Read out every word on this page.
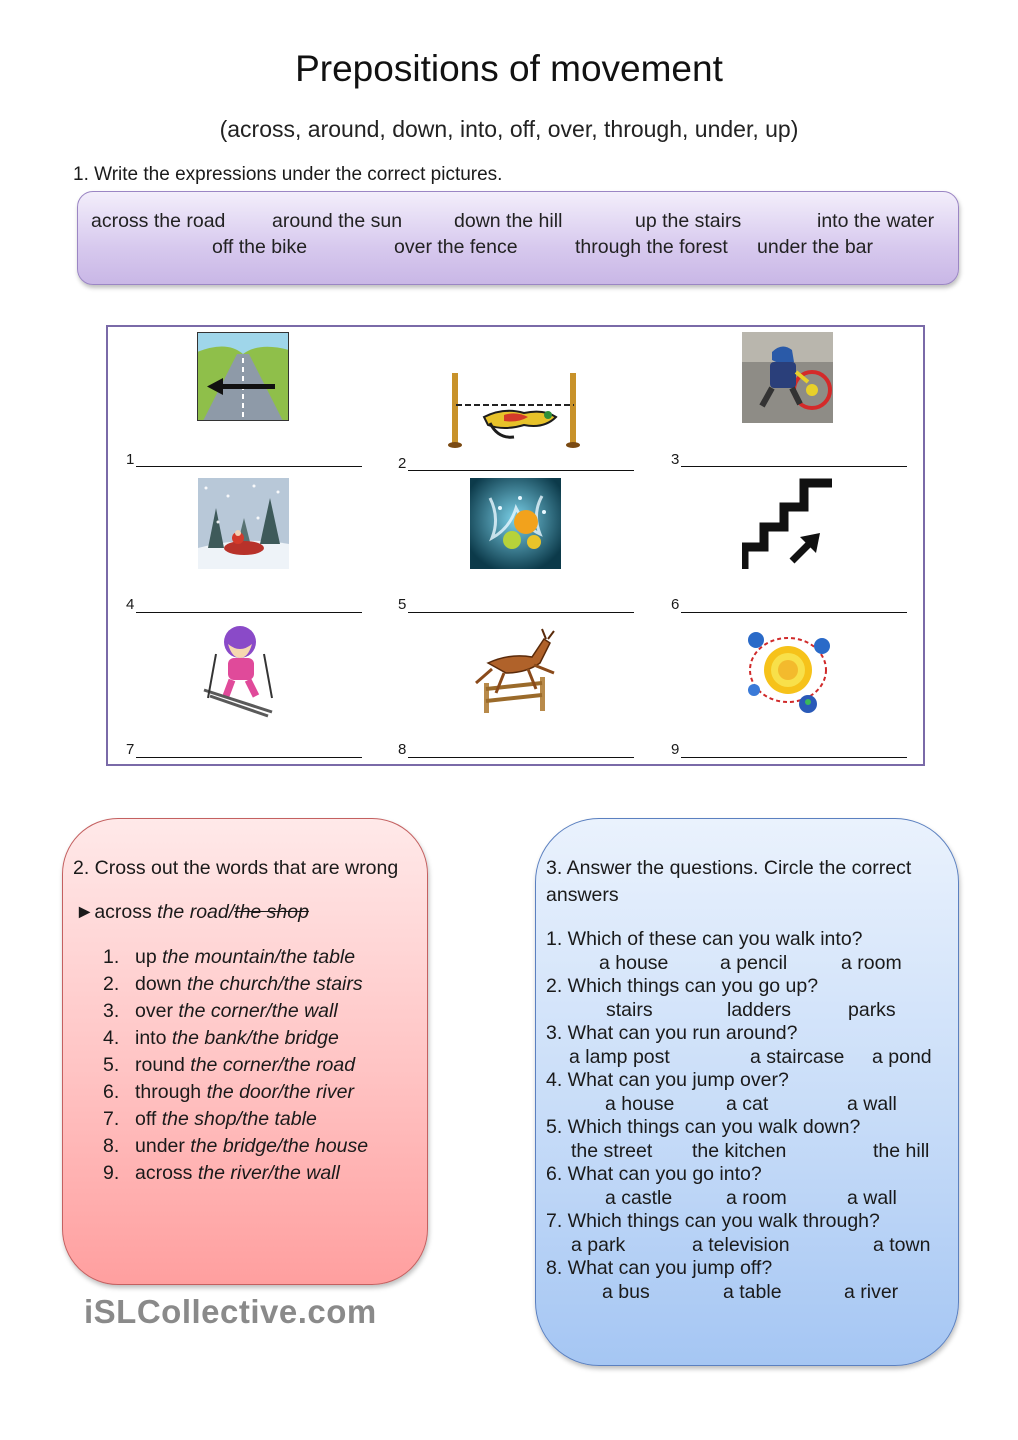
Prepositions of movement
(across, around, down, into, off, over, through, under, up)
1. Write the expressions under the correct pictures.
across the road around the sun	down the hill	up the stairs	into the water
off the bike	over the fence	through the forest under the bar
1	2	3
4	5	6
7	8	9
2. Cross out the words that are wrong
►across the road/the shop
1. up the mountain/the table
2. down the church/the stairs
3. over the corner/the wall
4. into the bank/the bridge
5. round the corner/the road
6. through the door/the river
7. off the shop/the table
8. under the bridge/the house
9. across the river/the wall
iSLCollective.com
3. Answer the questions. Circle the correct
answers
1. Which of these can you walk into?
a house	a pencil	a room
2. Which things can you go up?
stairs	ladders	parks
3. What can you run around?
a lamp post	a staircase a pond
4. What can you jump over?
a house	a cat	a wall
5. Which things can you walk down?
the street the kitchen	the hill
6. What can you go into?
a castle	a room	a wall
7. Which things can you walk through?
a park	a television	a town
8. What can you jump off?
a bus	a table	a river
